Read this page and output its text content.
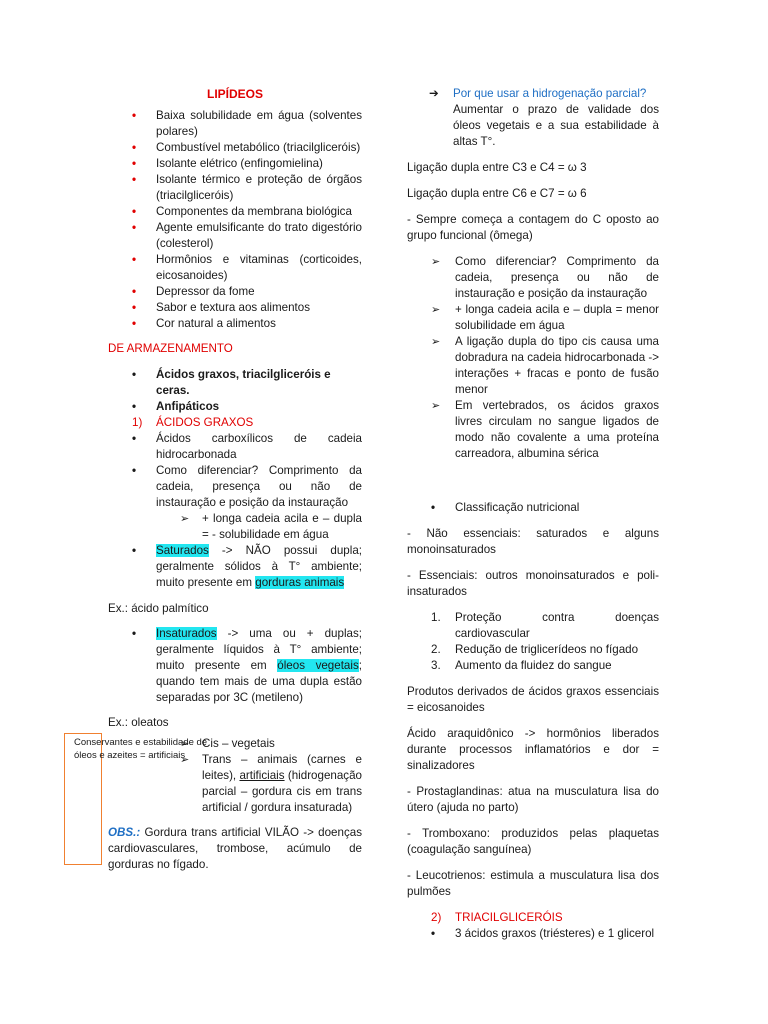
LIPÍDEOS
• Baixa solubilidade em água (solventes polares)
• Combustível metabólico (triacilgliceróis)
• Isolante elétrico (enfingomielina)
• Isolante térmico e proteção de órgãos (triacilgliceróis)
• Componentes da membrana biológica
• Agente emulsificante do trato digestório (colesterol)
• Hormônios e vitaminas (corticoides, eicosanoides)
• Depressor da fome
• Sabor e textura aos alimentos
• Cor natural a alimentos

DE ARMAZENAMENTO

• Ácidos graxos, triacilgliceróis e ceras.
• Anfipáticos
1) ÁCIDOS GRAXOS
• Ácidos carboxílicos de cadeia hidrocarbonada
• Como diferenciar? Comprimento da cadeia, presença ou não de instauração e posição da instauração
➢ + longa cadeia acila e – dupla = - solubilidade em água
• Saturados -> NÃO possui dupla; geralmente sólidos à T° ambiente; muito presente em gorduras animais

Ex.: ácido palmítico

• Insaturados -> uma ou + duplas; geralmente líquidos à T° ambiente; muito presente em óleos vegetais; quando tem mais de uma dupla estão separadas por 3C (metileno)

Ex.: oleatos

➢ Cis – vegetais
➢ Trans – animais (carnes e leites), artificiais (hidrogenação parcial – gordura cis em trans artificial / gordura insaturada)

OBS.: Gordura trans artificial VILÃO -> doenças cardiovasculares, trombose, acúmulo de gorduras no fígado.

Conservantes e estabilidade de óleos e azeites = artificiais
➔ Por que usar a hidrogenação parcial?
Aumentar o prazo de validade dos óleos vegetais e a sua estabilidade à altas T°.

Ligação dupla entre C3 e C4 = ω 3

Ligação dupla entre C6 e C7 = ω 6

- Sempre começa a contagem do C oposto ao grupo funcional (ômega)

➢ Como diferenciar? Comprimento da cadeia, presença ou não de instauração e posição da instauração
➢ + longa cadeia acila e – dupla = menor solubilidade em água
➢ A ligação dupla do tipo cis causa uma dobradura na cadeia hidrocarbonada -> interações + fracas e ponto de fusão menor
➢ Em vertebrados, os ácidos graxos livres circulam no sangue ligados de modo não covalente a uma proteína carreadora, albumina sérica
• Classificação nutricional

- Não essenciais: saturados e alguns monoinsaturados

- Essenciais: outros monoinsaturados e poli-insaturados

1. Proteção contra doenças cardiovascular
2. Redução de triglicerídeos no fígado
3. Aumento da fluidez do sangue

Produtos derivados de ácidos graxos essenciais = eicosanoides

Ácido araquidônico -> hormônios liberados durante processos inflamatórios e dor = sinalizadores

- Prostaglandinas: atua na musculatura lisa do útero (ajuda no parto)

- Tromboxano: produzidos pelas plaquetas (coagulação sanguínea)

- Leucotrienos: estimula a musculatura lisa dos pulmões

2) TRIACILGLICERÓIS
• 3 ácidos graxos (triésteres) e 1 glicerol
